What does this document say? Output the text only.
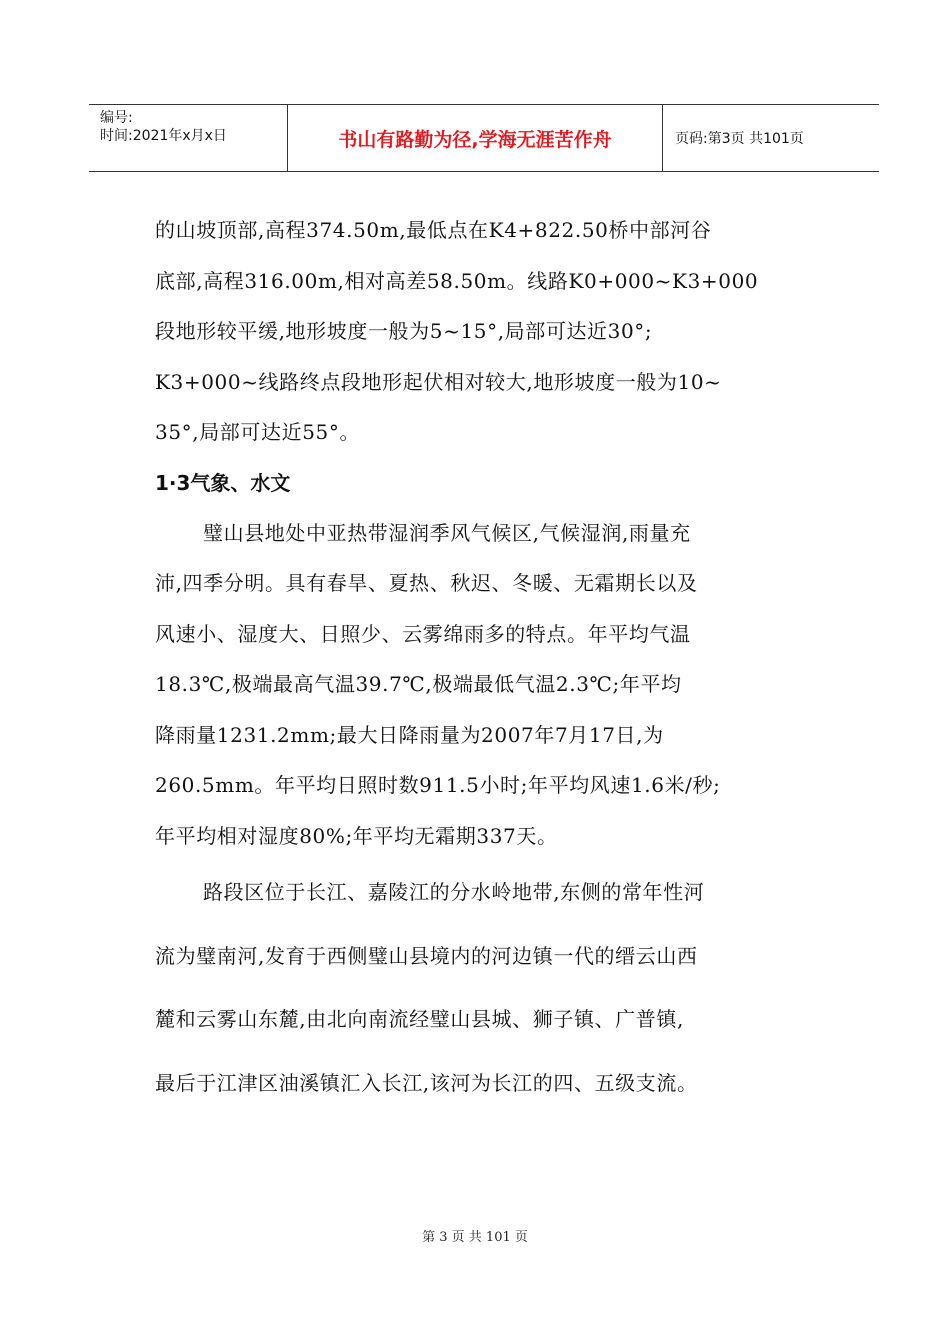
编号:
时间:2021年x月x日	书山有路勤为径,学海无涯苦作舟	页码:第3页 共101页

的山坡顶部,高程374.50m,最低点在K4+822.50桥中部河谷

底部,高程316.00m,相对高差58.50m。线路K0+000~K3+000

段地形较平缓,地形坡度一般为5~15°,局部可达近30°;

K3+000~线路终点段地形起伏相对较大,地形坡度一般为10~

35°,局部可达近55°。

1·3气象、水文

璧山县地处中亚热带湿润季风气候区,气候湿润,雨量充

沛,四季分明。具有春旱、夏热、秋迟、冬暖、无霜期长以及

风速小、湿度大、日照少、云雾绵雨多的特点。年平均气温

18.3℃,极端最高气温39.7℃,极端最低气温2.3℃;年平均

降雨量1231.2mm;最大日降雨量为2007年7月17日,为

260.5mm。年平均日照时数911.5小时;年平均风速1.6米/秒;

年平均相对湿度80%;年平均无霜期337天。

路段区位于长江、嘉陵江的分水岭地带,东侧的常年性河

流为璧南河,发育于西侧璧山县境内的河边镇一代的缙云山西

麓和云雾山东麓,由北向南流经璧山县城、狮子镇、广普镇,

最后于江津区油溪镇汇入长江,该河为长江的四、五级支流。

第 3 页 共 101 页
